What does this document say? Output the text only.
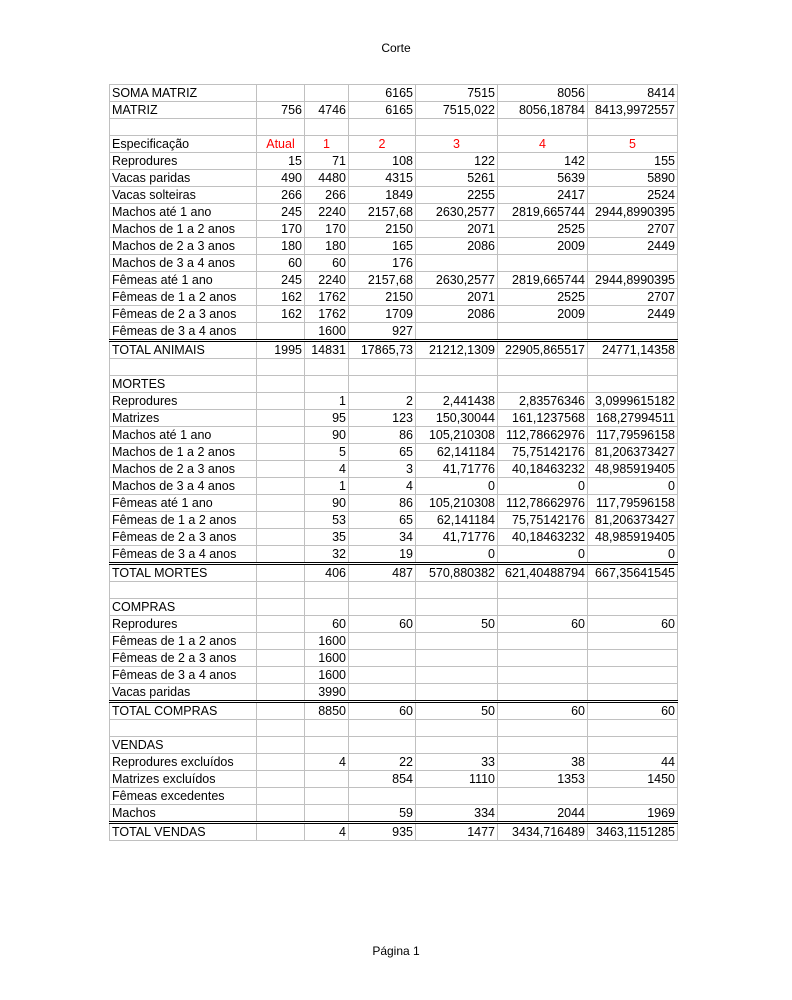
Corte
SOMA MATRIZ			6165	7515	8056	8414
MATRIZ	756	4746	6165	7515,022	8056,18784	8413,9972557

Especificação	Atual	1	2	3	4	5
Reprodures	15	71	108	122	142	155
Vacas paridas	490	4480	4315	5261	5639	5890
Vacas solteiras	266	266	1849	2255	2417	2524
Machos até 1 ano	245	2240	2157,68	2630,2577	2819,665744	2944,8990395
Machos de 1 a 2 anos	170	170	2150	2071	2525	2707
Machos de 2 a 3 anos	180	180	165	2086	2009	2449
Machos de 3 a 4 anos	60	60	176			
Fêmeas até 1 ano	245	2240	2157,68	2630,2577	2819,665744	2944,8990395
Fêmeas de 1 a 2 anos	162	1762	2150	2071	2525	2707
Fêmeas de 2 a 3 anos	162	1762	1709	2086	2009	2449
Fêmeas de 3 a 4 anos		1600	927			
TOTAL ANIMAIS	1995	14831	17865,73	21212,1309	22905,865517	24771,14358

MORTES						
Reprodures		1	2	2,441438	2,83576346	3,0999615182
Matrizes		95	123	150,30044	161,1237568	168,27994511
Machos até 1 ano		90	86	105,210308	112,78662976	117,79596158
Machos de 1 a 2 anos		5	65	62,141184	75,75142176	81,206373427
Machos de 2 a 3 anos		4	3	41,71776	40,18463232	48,985919405
Machos de 3 a 4 anos		1	4	0	0	0
Fêmeas até 1 ano		90	86	105,210308	112,78662976	117,79596158
Fêmeas de 1 a 2 anos		53	65	62,141184	75,75142176	81,206373427
Fêmeas de 2 a 3 anos		35	34	41,71776	40,18463232	48,985919405
Fêmeas de 3 a 4 anos		32	19	0	0	0
TOTAL MORTES		406	487	570,880382	621,40488794	667,35641545

COMPRAS						
Reprodures		60	60	50	60	60
Fêmeas de 1 a 2 anos		1600				
Fêmeas de 2 a 3 anos		1600				
Fêmeas de 3 a 4 anos		1600				
Vacas paridas		3990				
TOTAL COMPRAS		8850	60	50	60	60

VENDAS						
Reprodures excluídos		4	22	33	38	44
Matrizes excluídos			854	1110	1353	1450
Fêmeas excedentes						
Machos			59	334	2044	1969
TOTAL VENDAS		4	935	1477	3434,716489	3463,1151285
Página 1
